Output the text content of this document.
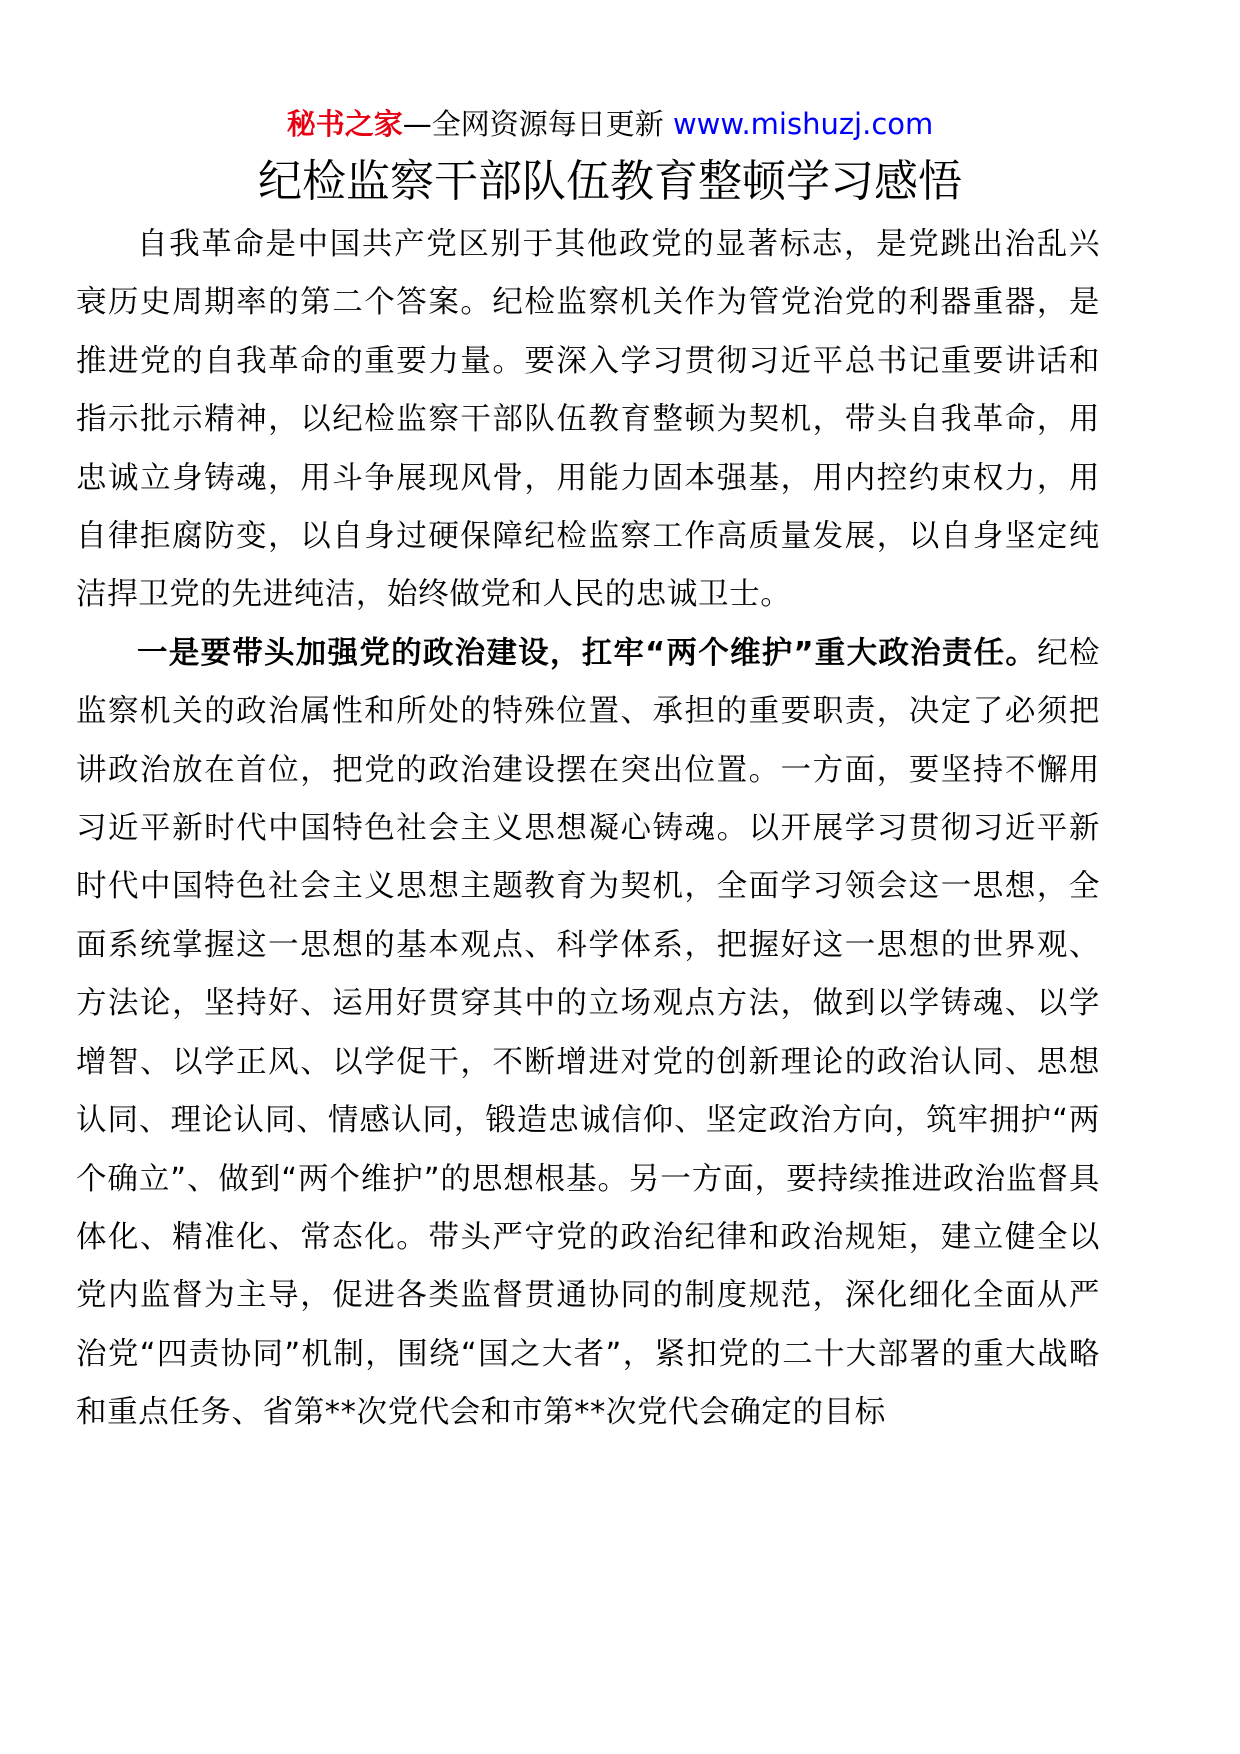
秘书之家—全网资源每日更新 www.mishuzj.com
纪检监察干部队伍教育整顿学习感悟

自我革命是中国共产党区别于其他政党的显著标志，是党跳出治乱兴衰历史周期率的第二个答案。纪检监察机关作为管党治党的利器重器，是推进党的自我革命的重要力量。要深入学习贯彻习近平总书记重要讲话和指示批示精神，以纪检监察干部队伍教育整顿为契机，带头自我革命，用忠诚立身铸魂，用斗争展现风骨，用能力固本强基，用内控约束权力，用自律拒腐防变，以自身过硬保障纪检监察工作高质量发展，以自身坚定纯洁捍卫党的先进纯洁，始终做党和人民的忠诚卫士。

一是要带头加强党的政治建设，扛牢“两个维护”重大政治责任。纪检监察机关的政治属性和所处的特殊位置、承担的重要职责，决定了必须把讲政治放在首位，把党的政治建设摆在突出位置。一方面，要坚持不懈用习近平新时代中国特色社会主义思想凝心铸魂。以开展学习贯彻习近平新时代中国特色社会主义思想主题教育为契机，全面学习领会这一思想，全面系统掌握这一思想的基本观点、科学体系，把握好这一思想的世界观、方法论，坚持好、运用好贯穿其中的立场观点方法，做到以学铸魂、以学增智、以学正风、以学促干，不断增进对党的创新理论的政治认同、思想认同、理论认同、情感认同，锻造忠诚信仰、坚定政治方向，筑牢拥护“两个确立”、做到“两个维护”的思想根基。另一方面，要持续推进政治监督具体化、精准化、常态化。带头严守党的政治纪律和政治规矩，建立健全以党内监督为主导，促进各类监督贯通协同的制度规范，深化细化全面从严治党“四责协同”机制，围绕“国之大者”，紧扣党的二十大部署的重大战略和重点任务、省第**次党代会和市第**次党代会确定的目标
